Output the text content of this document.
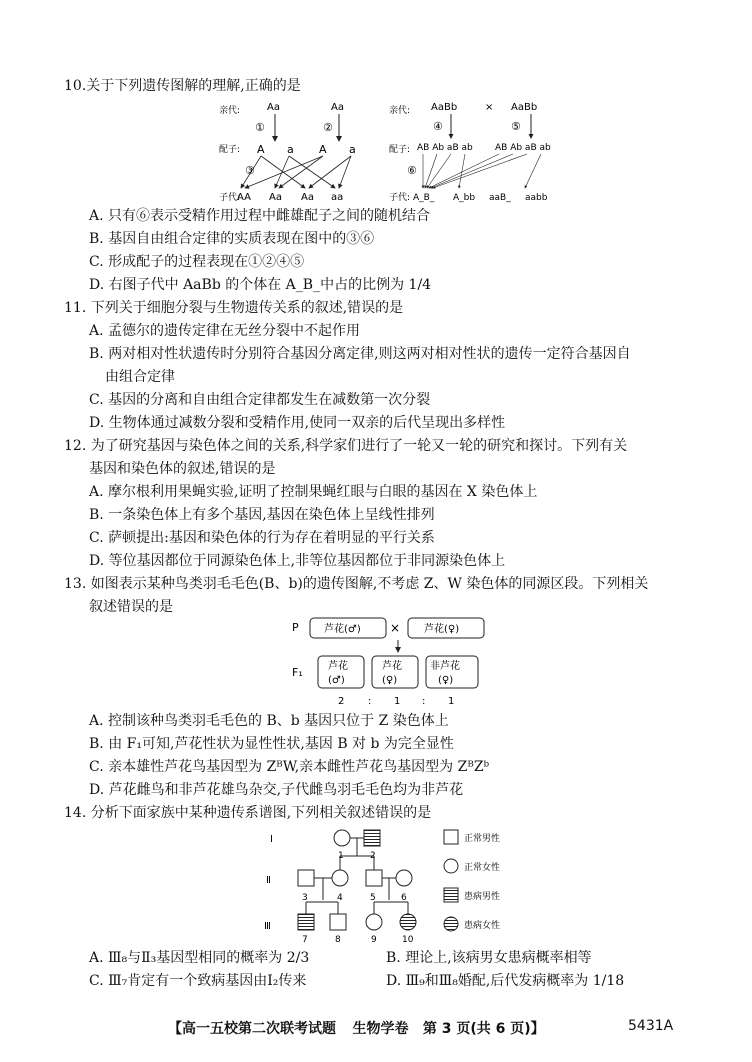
10.关于下列遗传图解的理解,正确的是
亲代:	Aa	Aa
①	②
配子: A a A a
③
子代:
AA Aa Aa aa
亲代: AaBb	× AaBb
④	⑤
配子: AB Ab aB ab AB Ab aB ab
⑥
子代: A_B_ A_bb aaB_ aabb
A. 只有⑥表示受精作用过程中雌雄配子之间的随机结合
B. 基因自由组合定律的实质表现在图中的③⑥
C. 形成配子的过程表现在①②④⑤
D. 右图子代中 AaBb 的个体在 A_B_中占的比例为 1/4
11. 下列关于细胞分裂与生物遗传关系的叙述,错误的是
A. 孟德尔的遗传定律在无丝分裂中不起作用
B. 两对相对性状遗传时分别符合基因分离定律,则这两对相对性状的遗传一定符合基因自
由组合定律
C. 基因的分离和自由组合定律都发生在减数第一次分裂
D. 生物体通过减数分裂和受精作用,使同一双亲的后代呈现出多样性
12. 为了研究基因与染色体之间的关系,科学家们进行了一轮又一轮的研究和探讨。下列有关
基因和染色体的叙述,错误的是
A. 摩尔根利用果蝇实验,证明了控制果蝇红眼与白眼的基因在 X 染色体上
B. 一条染色体上有多个基因,基因在染色体上呈线性排列
C. 萨顿提出:基因和染色体的行为存在着明显的平行关系
D. 等位基因都位于同源染色体上,非等位基因都位于非同源染色体上
13. 如图表示某种鸟类羽毛毛色(B、b)的遗传图解,不考虑 Z、W 染色体的同源区段。下列相关
叙述错误的是
P	芦花(♂) × 芦花(♀)
F₁	芦花
(♂)
芦花
(♀)
非芦花
(♀)
2 : 1 : 1
A. 控制该种鸟类羽毛毛色的 B、b 基因只位于 Z 染色体上
B. 由 F₁可知,芦花性状为显性性状,基因 B 对 b 为完全显性
C. 亲本雄性芦花鸟基因型为 ZᴮW,亲本雌性芦花鸟基因型为 ZᴮZᵇ
D. 芦花雌鸟和非芦花雄鸟杂交,子代雌鸟羽毛毛色均为非芦花
14. 分析下面家族中某种遗传系谱图,下列相关叙述错误的是
Ⅰ
Ⅱ
Ⅲ
1	2
3	4	5	6
7	8	9	10
正常男性
正常女性
患病男性
患病女性
A. Ⅲ₈与Ⅱ₃基因型相同的概率为 2/3	B. 理论上,该病男女患病概率相等
C. Ⅲ₇肯定有一个致病基因由Ⅰ₂传来	D. Ⅲ₉和Ⅲ₈婚配,后代发病概率为 1/18
【高一五校第二次联考试题 生物学卷 第 3 页(共 6 页)】	5431A
